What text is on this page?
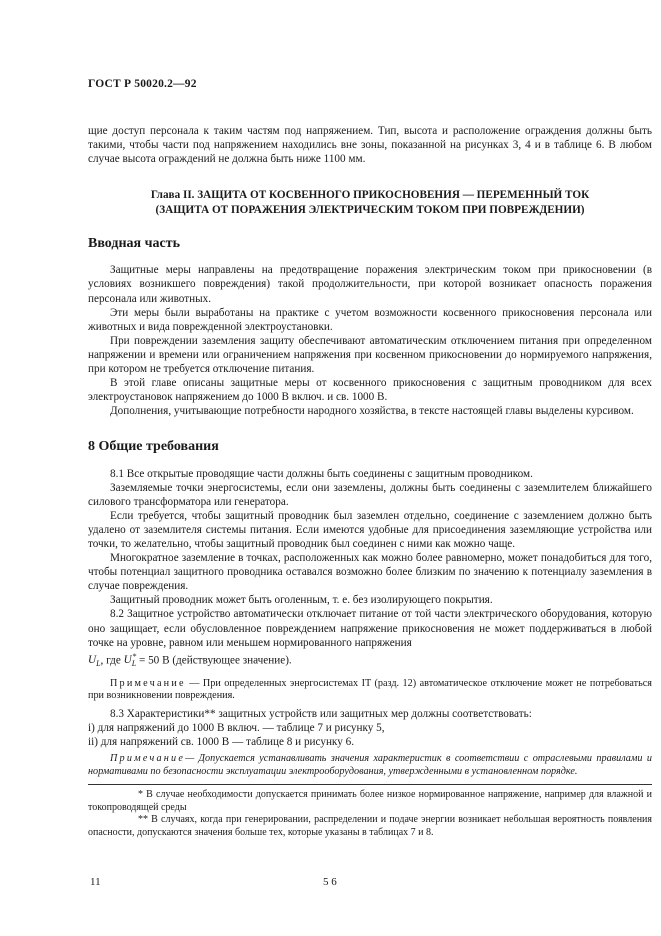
ГОСТ Р 50020.2—92

щие доступ персонала к таким частям под напряжением. Тип, высота и расположение ограждения должны быть такими, чтобы части под напряжением находились вне зоны, показанной на рисунках 3, 4 и в таблице 6. В любом случае высота ограждений не должна быть ниже 1100 мм.

Глава II. ЗАЩИТА ОТ КОСВЕННОГО ПРИКОСНОВЕНИЯ — ПЕРЕМЕННЫЙ ТОК
(ЗАЩИТА ОТ ПОРАЖЕНИЯ ЭЛЕКТРИЧЕСКИМ ТОКОМ ПРИ ПОВРЕЖДЕНИИ)
Вводная часть

Защитные меры направлены на предотвращение поражения электрическим током при прикосновении (в условиях возникшего повреждения) такой продолжительности, при которой возникает опасность поражения персонала или животных.

Эти меры были выработаны на практике с учетом возможности косвенного прикосновения персонала или животных и вида поврежденной электроустановки.

При повреждении заземления защиту обеспечивают автоматическим отключением питания при определенном напряжении и времени или ограничением напряжения при косвенном прикосновении до нормируемого напряжения, при котором не требуется отключение питания.

В этой главе описаны защитные меры от косвенного прикосновения с защитным проводником для всех электроустановок напряжением до 1000 В включ. и св. 1000 В.

Дополнения, учитывающие потребности народного хозяйства, в тексте настоящей главы выделены курсивом.

8 Общие требования

8.1 Все открытые проводящие части должны быть соединены с защитным проводником.

Заземляемые точки энергосистемы, если они заземлены, должны быть соединены с заземлителем ближайшего силового трансформатора или генератора.

Если требуется, чтобы защитный проводник был заземлен отдельно, соединение с заземлением должно быть удалено от заземлителя системы питания. Если имеются удобные для присоединения заземляющие устройства или точки, то желательно, чтобы защитный проводник был соединен с ними как можно чаще.

Многократное заземление в точках, расположенных как можно более равномерно, может понадобиться для того, чтобы потенциал защитного проводника оставался возможно более близким по значению к потенциалу заземления в случае повреждения.

Защитный проводник может быть оголенным, т. е. без изолирующего покрытия.

8.2 Защитное устройство автоматически отключает питание от той части электрического оборудования, которую оно защищает, если обусловленное повреждением напряжение прикосновения не может поддерживаться в любой точке на уровне, равном или меньшем нормированного напряжения
$U_L$, где $U_L^* = 50$ В (действующее значение).

Примечание — При определенных энергосистемах IT (разд. 12) автоматическое отключение может не потребоваться при возникновении повреждения.

8.3 Характеристики** защитных устройств или защитных мер должны соответствовать:

i) для напряжений до 1000 В включ. — таблице 7 и рисунку 5,

ii) для напряжений св. 1000 В — таблице 8 и рисунку 6.

Примечание— Допускается устанавливать значения характеристик в соответствии с отраслевыми правилами и нормативами по безопасности эксплуатации электрооборудования, утвержденными в установленном порядке.

* В случае необходимости допускается принимать более низкое нормированное напряжение, например для влажной и токопроводящей среды

** В случаях, когда при генерировании, распределении и подаче энергии возникает небольшая вероятность появления опасности, допускаются значения больше тех, которые указаны в таблицах 7 и 8.

11	5 6
